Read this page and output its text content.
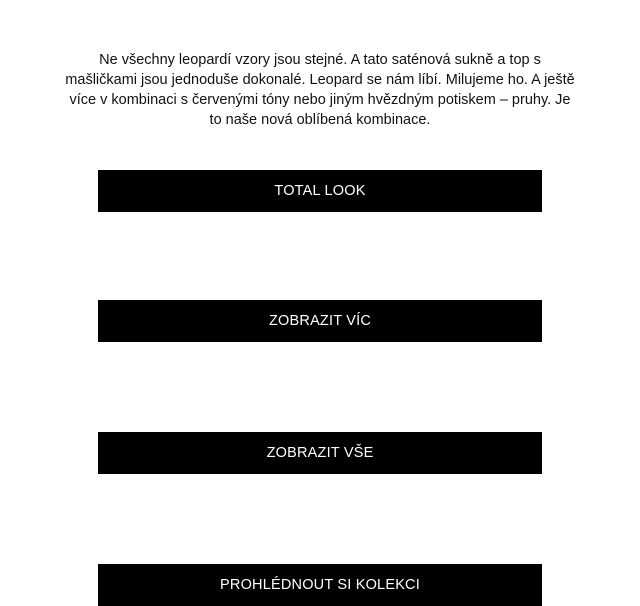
Ne všechny leopardí vzory jsou stejné. A tato saténová sukně a top s mašličkami jsou jednoduše dokonalé. Leopard se nám líbí. Milujeme ho. A ještě více v kombinaci s červenými tóny nebo jiným hvězdným potiskem – pruhy. Je to naše nová oblíbená kombinace.

TOTAL LOOK
ZOBRAZIT VÍC
ZOBRAZIT VŠE
PROHLÉDNOUT SI KOLEKCI
